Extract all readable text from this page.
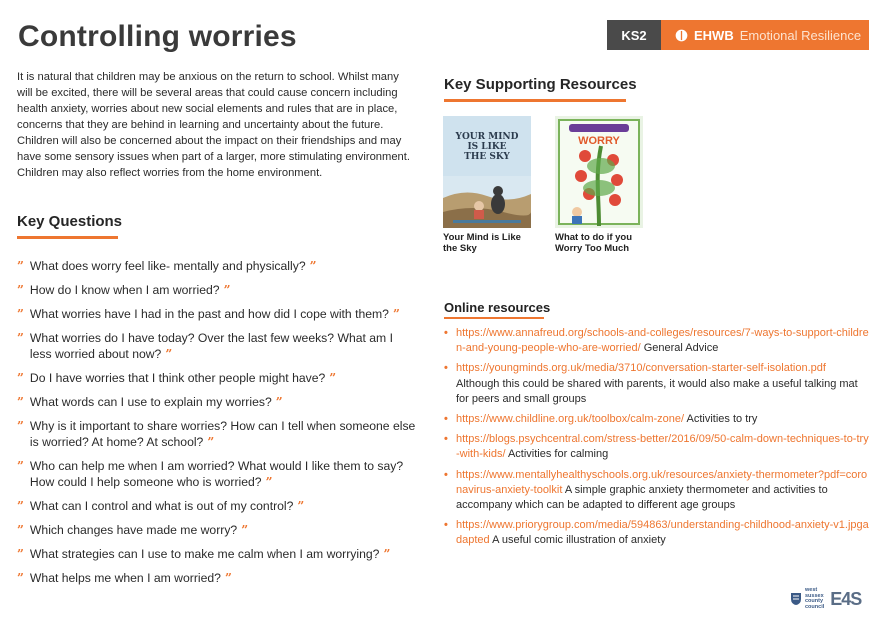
Controlling worries	KS2	EHWB Emotional Resilience

It is natural that children may be anxious on the return to school. Whilst many will be excited, there will be several areas that could cause concern including health anxiety, worries about new social elements and rules that are in place, concerns that they are behind in learning and uncertainty about the future. Children will also be concerned about the impact on their friendships and may have some sensory issues when part of a larger, more stimulating environment. Children may also reflect worries from the home environment.

Key Questions
” What does worry feel like- mentally and physically? ”
” How do I know when I am worried? ”
” What worries have I had in the past and how did I cope with them? ”
” What worries do I have today? Over the last few weeks? What am I less worried about now? ”
” Do I have worries that I think other people might have? ”
” What words can I use to explain my worries? ”
” Why is it important to share worries? How can I tell when someone else is worried? At home? At school? ”
” Who can help me when I am worried? What would I like them to say? How could I help someone who is worried? ”
” What can I control and what is out of my control? ”
” Which changes have made me worry? ”
” What strategies can I use to make me calm when I am worrying? ”
” What helps me when I am worried? ”
Key Supporting Resources
YOUR MIND IS LIKE THE SKY
Your Mind is Like the Sky
WORRY
What to do if you Worry Too Much
Online resources
• https://www.annafreud.org/schools-and-colleges/resources/7-ways-to-support-children-and-young-people-who-are-worried/ General Advice
• https://youngminds.org.uk/media/3710/conversation-starter-self-isolation.pdf Although this could be shared with parents, it would also make a useful talking mat for peers and small groups
• https://www.childline.org.uk/toolbox/calm-zone/ Activities to try
• https://blogs.psychcentral.com/stress-better/2016/09/50-calm-down-techniques-to-try-with-kids/ Activities for calming
• https://www.mentallyhealthyschools.org.uk/resources/anxiety-thermometer?pdf=coronavirus-anxiety-toolkit A simple graphic anxiety thermometer and activities to accompany which can be adapted to different age groups
• https://www.priorygroup.com/media/594863/understanding-childhood-anxiety-v1.jpgadapted A useful comic illustration of anxiety
west
sussex
county
council E4S
